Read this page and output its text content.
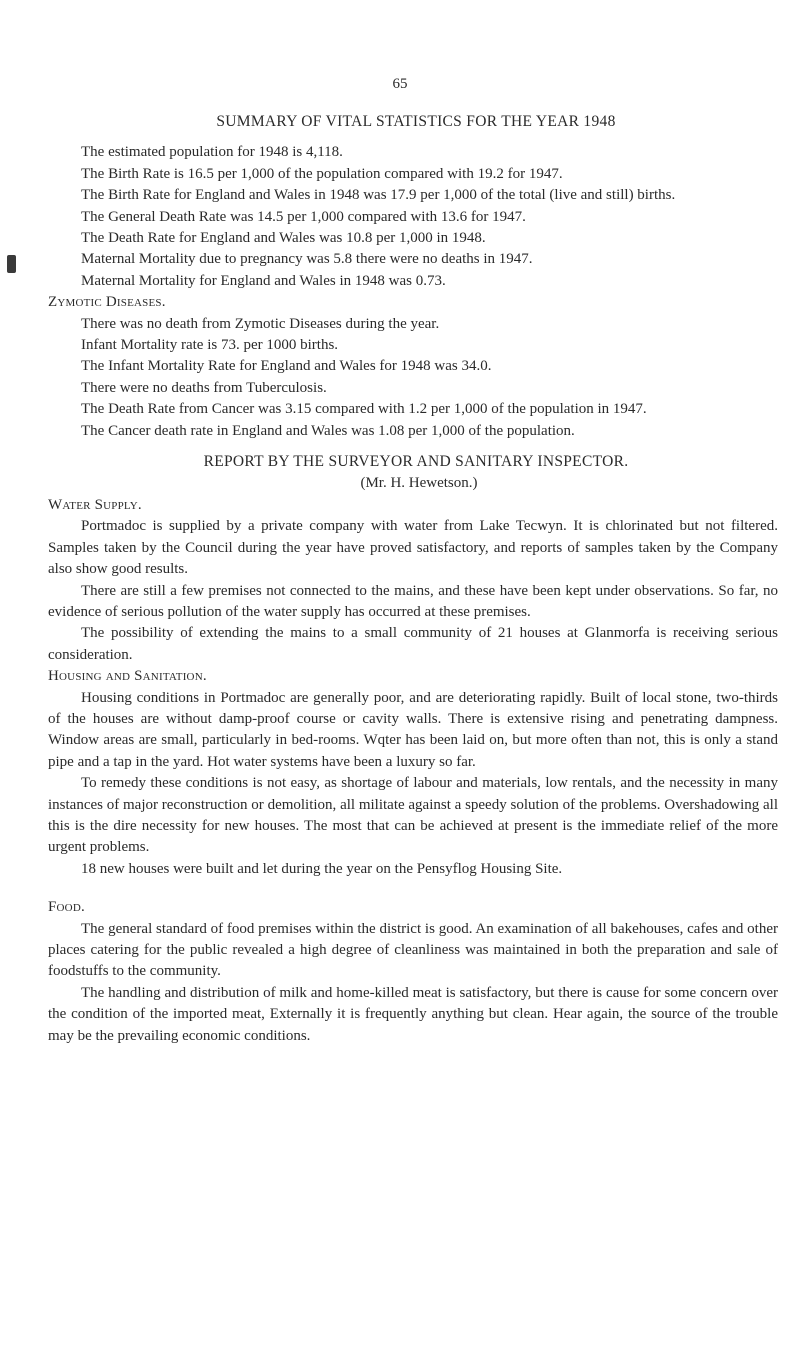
65
SUMMARY OF VITAL STATISTICS FOR THE YEAR 1948

The estimated population for 1948 is 4,118.

The Birth Rate is 16.5 per 1,000 of the population compared with 19.2 for 1947.

The Birth Rate for England and Wales in 1948 was 17.9 per 1,000 of the total (live and still) births.

The General Death Rate was 14.5 per 1,000 compared with 13.6 for 1947.

The Death Rate for England and Wales was 10.8 per 1,000 in 1948.

Maternal Mortality due to pregnancy was 5.8 there were no deaths in 1947.

Maternal Mortality for England and Wales in 1948 was 0.73.

Zymotic Diseases.

There was no death from Zymotic Diseases during the year.

Infant Mortality rate is 73. per 1000 births.

The Infant Mortality Rate for England and Wales for 1948 was 34.0.

There were no deaths from Tuberculosis.

The Death Rate from Cancer was 3.15 compared with 1.2 per 1,000 of the population in 1947.

The Cancer death rate in England and Wales was 1.08 per 1,000 of the population.

REPORT BY THE SURVEYOR AND SANITARY INSPECTOR.
(Mr. H. Hewetson.)
Water Supply.

Portmadoc is supplied by a private company with water from Lake Tecwyn. It is chlorinated but not filtered. Samples taken by the Council during the year have proved satisfactory, and reports of samples taken by the Company also show good results.

There are still a few premises not connected to the mains, and these have been kept under observations. So far, no evidence of serious pollution of the water supply has occurred at these premises.

The possibility of extending the mains to a small community of 21 houses at Glanmorfa is receiving serious consideration.

Housing and Sanitation.

Housing conditions in Portmadoc are generally poor, and are deteriorating rapidly. Built of local stone, two-thirds of the houses are without damp-proof course or cavity walls. There is extensive rising and penetrating dampness. Window areas are small, particularly in bed-rooms. Wqter has been laid on, but more often than not, this is only a stand pipe and a tap in the yard. Hot water systems have been a luxury so far.

To remedy these conditions is not easy, as shortage of labour and materials, low rentals, and the necessity in many instances of major reconstruction or demolition, all militate against a speedy solution of the problems. Overshadowing all this is the dire necessity for new houses. The most that can be achieved at present is the immediate relief of the more urgent problems.

18 new houses were built and let during the year on the Pensyflog Housing Site.

Food.

The general standard of food premises within the district is good. An examination of all bakehouses, cafes and other places catering for the public revealed a high degree of cleanliness was maintained in both the preparation and sale of foodstuffs to the community.

The handling and distribution of milk and home-killed meat is satisfactory, but there is cause for some concern over the condition of the imported meat, Externally it is frequently anything but clean. Hear again, the source of the trouble may be the prevailing economic conditions.
